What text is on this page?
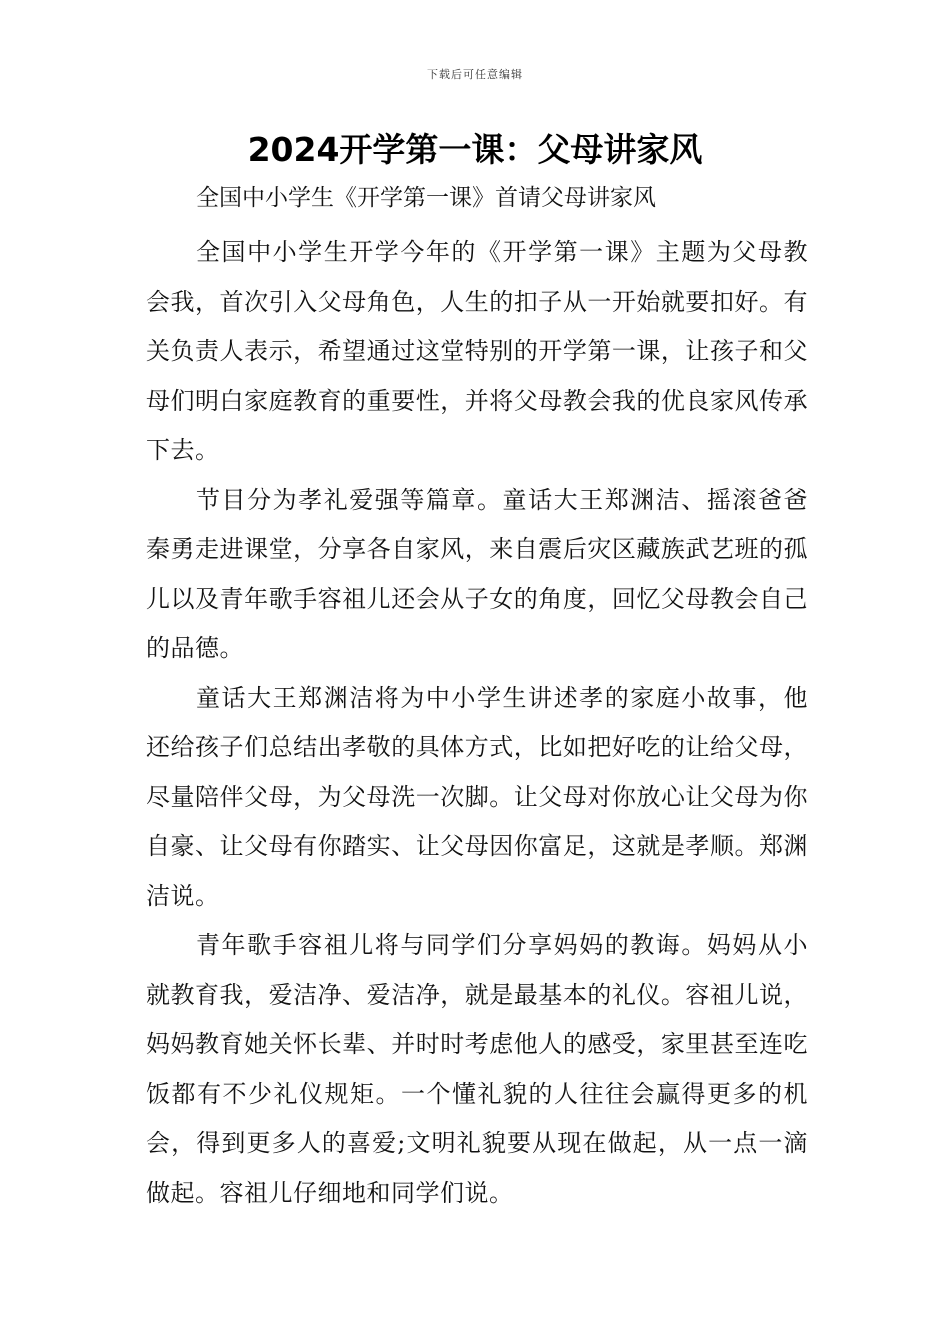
下载后可任意编辑
2024开学第一课：父母讲家风

全国中小学生《开学第一课》首请父母讲家风

全国中小学生开学今年的《开学第一课》主题为父母教会我，首次引入父母角色，人生的扣子从一开始就要扣好。有关负责人表示，希望通过这堂特别的开学第一课，让孩子和父母们明白家庭教育的重要性，并将父母教会我的优良家风传承下去。

节目分为孝礼爱强等篇章。童话大王郑渊洁、摇滚爸爸秦勇走进课堂，分享各自家风，来自震后灾区藏族武艺班的孤儿以及青年歌手容祖儿还会从子女的角度，回忆父母教会自己的品德。

童话大王郑渊洁将为中小学生讲述孝的家庭小故事，他还给孩子们总结出孝敬的具体方式，比如把好吃的让给父母，尽量陪伴父母，为父母洗一次脚。让父母对你放心让父母为你自豪、让父母有你踏实、让父母因你富足，这就是孝顺。郑渊洁说。

青年歌手容祖儿将与同学们分享妈妈的教诲。妈妈从小就教育我，爱洁净、爱洁净，就是最基本的礼仪。容祖儿说，妈妈教育她关怀长辈、并时时考虑他人的感受，家里甚至连吃饭都有不少礼仪规矩。一个懂礼貌的人往往会赢得更多的机会，得到更多人的喜爱;文明礼貌要从现在做起，从一点一滴做起。容祖儿仔细地和同学们说。
